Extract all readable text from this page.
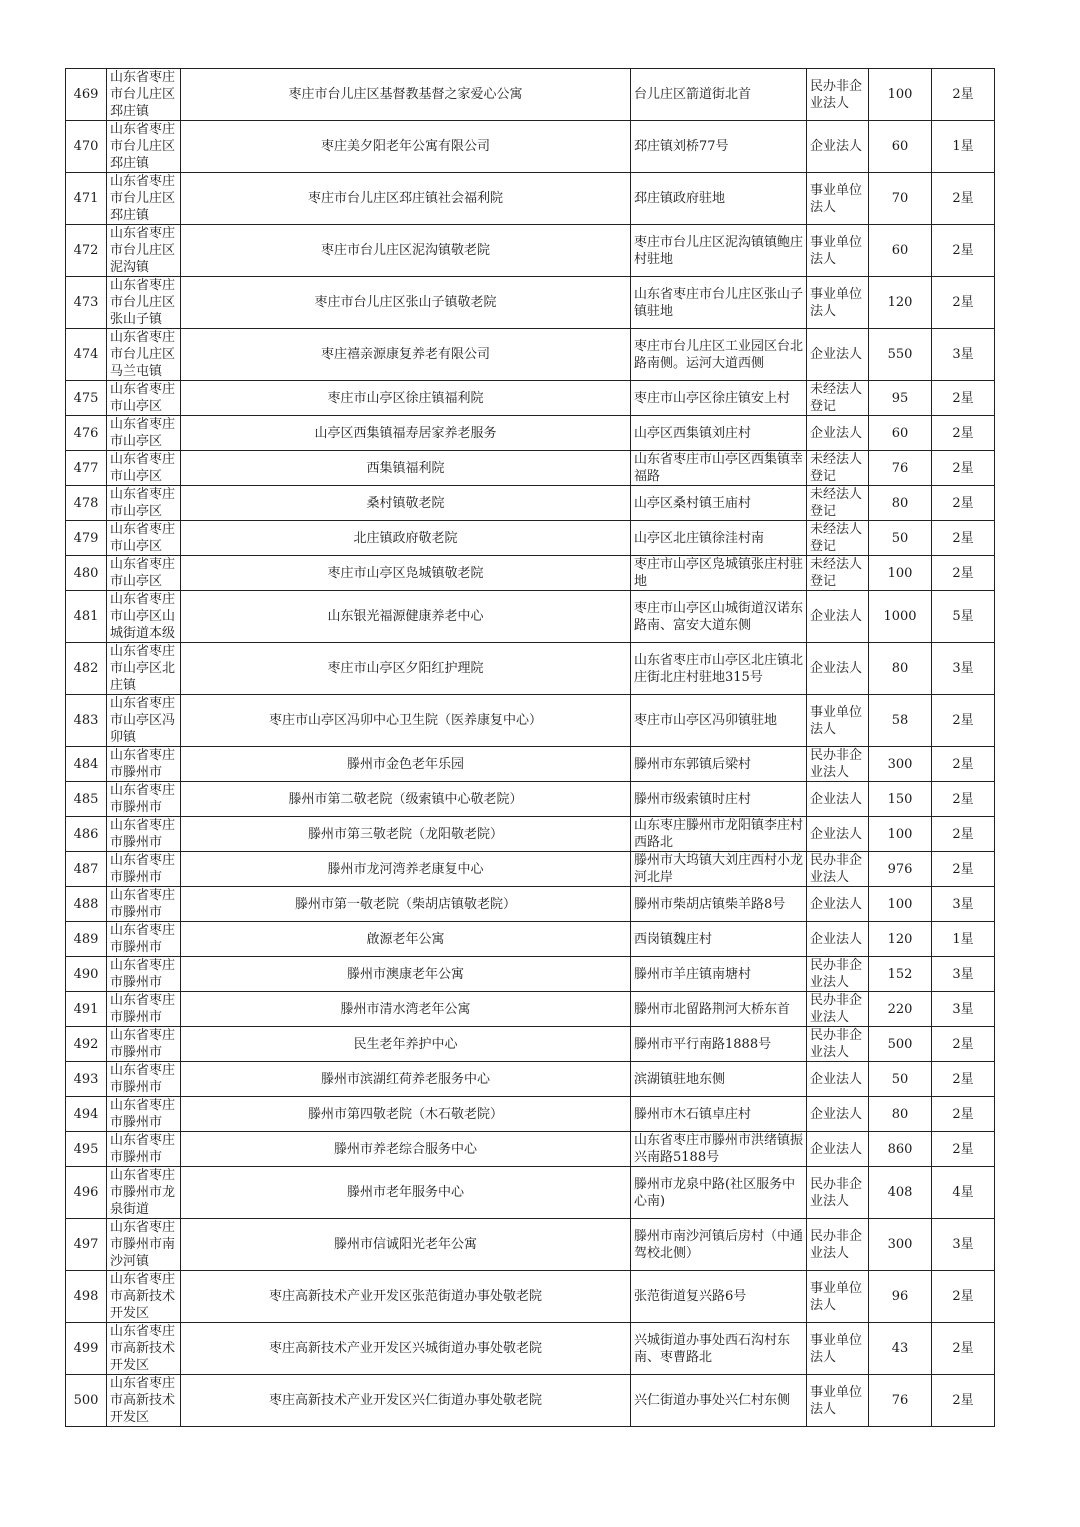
469	山东省枣庄市台儿庄区邳庄镇	枣庄市台儿庄区基督教基督之家爱心公寓	台儿庄区箭道街北首	民办非企业法人	100	2星
470	山东省枣庄市台儿庄区邳庄镇	枣庄美夕阳老年公寓有限公司	邳庄镇刘桥77号	企业法人	60	1星
471	山东省枣庄市台儿庄区邳庄镇	枣庄市台儿庄区邳庄镇社会福利院	邳庄镇政府驻地	事业单位法人	70	2星
472	山东省枣庄市台儿庄区泥沟镇	枣庄市台儿庄区泥沟镇敬老院	枣庄市台儿庄区泥沟镇镇鲍庄村驻地	事业单位法人	60	2星
473	山东省枣庄市台儿庄区张山子镇	枣庄市台儿庄区张山子镇敬老院	山东省枣庄市台儿庄区张山子镇驻地	事业单位法人	120	2星
474	山东省枣庄市台儿庄区马兰屯镇	枣庄禧亲源康复养老有限公司	枣庄市台儿庄区工业园区台北路南侧。运河大道西侧	企业法人	550	3星
475	山东省枣庄市山亭区	枣庄市山亭区徐庄镇福利院	枣庄市山亭区徐庄镇安上村	未经法人登记	95	2星
476	山东省枣庄市山亭区	山亭区西集镇福寿居家养老服务	山亭区西集镇刘庄村	企业法人	60	2星
477	山东省枣庄市山亭区	西集镇福利院	山东省枣庄市山亭区西集镇幸福路	未经法人登记	76	2星
478	山东省枣庄市山亭区	桑村镇敬老院	山亭区桑村镇王庙村	未经法人登记	80	2星
479	山东省枣庄市山亭区	北庄镇政府敬老院	山亭区北庄镇徐洼村南	未经法人登记	50	2星
480	山东省枣庄市山亭区	枣庄市山亭区凫城镇敬老院	枣庄市山亭区凫城镇张庄村驻地	未经法人登记	100	2星
481	山东省枣庄市山亭区山城街道本级	山东银光福源健康养老中心	枣庄市山亭区山城街道汉诺东路南、富安大道东侧	企业法人	1000	5星
482	山东省枣庄市山亭区北庄镇	枣庄市山亭区夕阳红护理院	山东省枣庄市山亭区北庄镇北庄街北庄村驻地315号	企业法人	80	3星
483	山东省枣庄市山亭区冯卯镇	枣庄市山亭区冯卯中心卫生院（医养康复中心）	枣庄市山亭区冯卯镇驻地	事业单位法人	58	2星
484	山东省枣庄市滕州市	滕州市金色老年乐园	滕州市东郭镇后梁村	民办非企业法人	300	2星
485	山东省枣庄市滕州市	滕州市第二敬老院（级索镇中心敬老院）	滕州市级索镇时庄村	企业法人	150	2星
486	山东省枣庄市滕州市	滕州市第三敬老院（龙阳敬老院）	山东枣庄滕州市龙阳镇李庄村西路北	企业法人	100	2星
487	山东省枣庄市滕州市	滕州市龙河湾养老康复中心	滕州市大坞镇大刘庄西村小龙河北岸	民办非企业法人	976	2星
488	山东省枣庄市滕州市	滕州市第一敬老院（柴胡店镇敬老院）	滕州市柴胡店镇柴羊路8号	企业法人	100	3星
489	山东省枣庄市滕州市	啟源老年公寓	西岗镇魏庄村	企业法人	120	1星
490	山东省枣庄市滕州市	滕州市澳康老年公寓	滕州市羊庄镇南塘村	民办非企业法人	152	3星
491	山东省枣庄市滕州市	滕州市清水湾老年公寓	滕州市北留路荆河大桥东首	民办非企业法人	220	3星
492	山东省枣庄市滕州市	民生老年养护中心	滕州市平行南路1888号	民办非企业法人	500	2星
493	山东省枣庄市滕州市	滕州市滨湖红荷养老服务中心	滨湖镇驻地东侧	企业法人	50	2星
494	山东省枣庄市滕州市	滕州市第四敬老院（木石敬老院）	滕州市木石镇卓庄村	企业法人	80	2星
495	山东省枣庄市滕州市	滕州市养老综合服务中心	山东省枣庄市滕州市洪绪镇振兴南路5188号	企业法人	860	2星
496	山东省枣庄市滕州市龙泉街道	滕州市老年服务中心	滕州市龙泉中路(社区服务中心南)	民办非企业法人	408	4星
497	山东省枣庄市滕州市南沙河镇	滕州市信诚阳光老年公寓	滕州市南沙河镇后房村（中通驾校北侧）	民办非企业法人	300	3星
498	山东省枣庄市高新技术开发区	枣庄高新技术产业开发区张范街道办事处敬老院	张范街道复兴路6号	事业单位法人	96	2星
499	山东省枣庄市高新技术开发区	枣庄高新技术产业开发区兴城街道办事处敬老院	兴城街道办事处西石沟村东南、枣曹路北	事业单位法人	43	2星
500	山东省枣庄市高新技术开发区	枣庄高新技术产业开发区兴仁街道办事处敬老院	兴仁街道办事处兴仁村东侧	事业单位法人	76	2星
